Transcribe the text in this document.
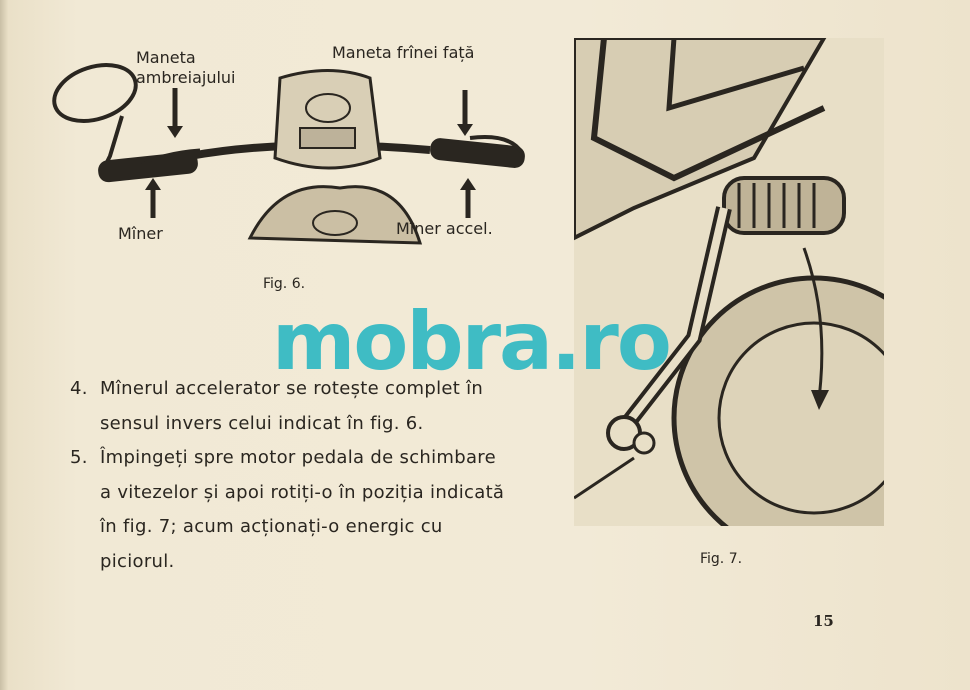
Maneta
ambreiajului
Maneta frînei față
Mîner	Mîner accel.
Fig. 6.
Fig. 7.
mobra.ro
4. Mînerul accelerator se rotește complet în sensul invers celui indicat în fig. 6.
5. Împingeți spre motor pedala de schimbare a vitezelor și apoi rotiți-o în poziția indicată în fig. 7; acum acționați-o energic cu piciorul.
15
